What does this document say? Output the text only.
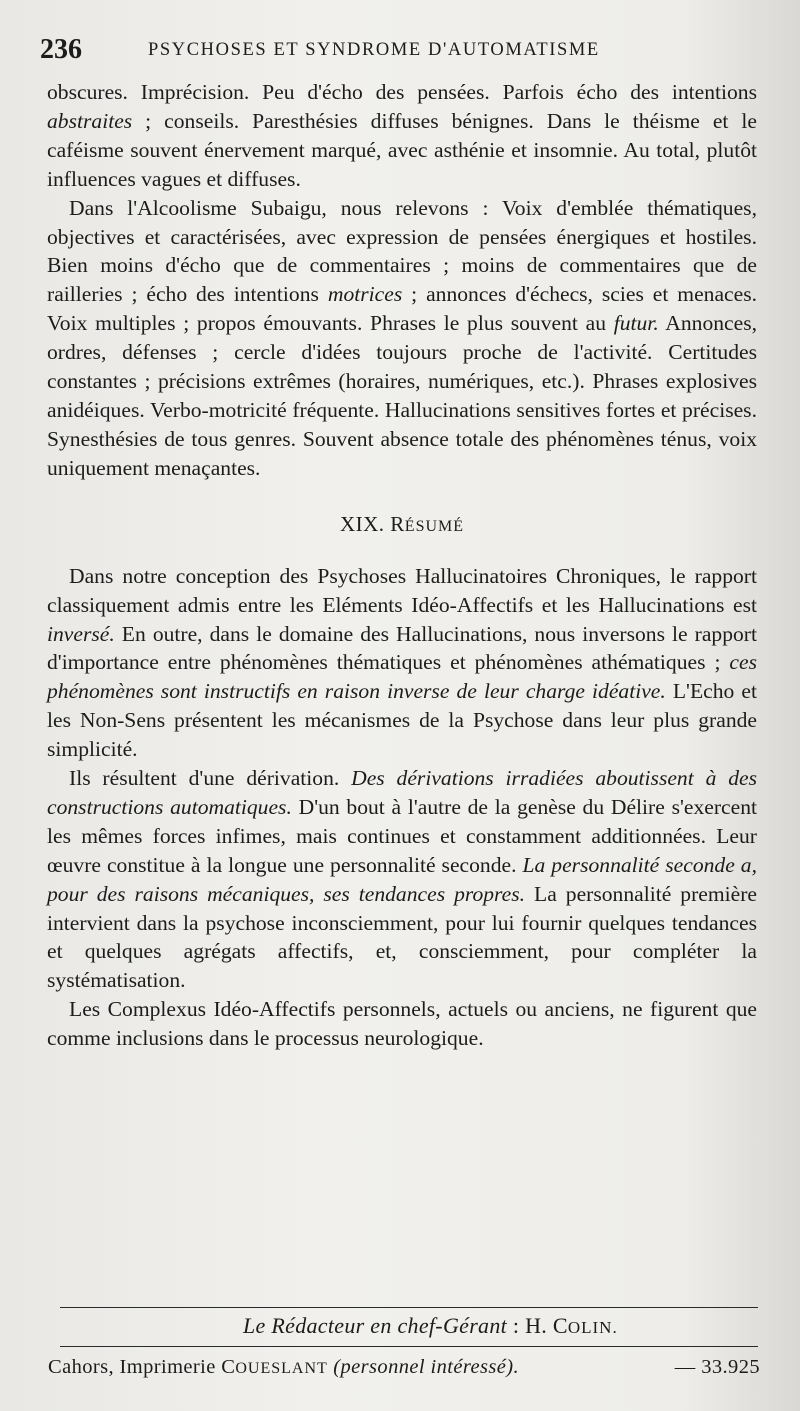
236	PSYCHOSES ET SYNDROME D'AUTOMATISME

obscures. Imprécision. Peu d'écho des pensées. Parfois écho des intentions abstraites ; conseils. Paresthésies diffuses bénignes. Dans le théisme et le caféisme souvent énervement marqué, avec asthénie et insomnie. Au total, plutôt influences vagues et diffuses.

Dans l'Alcoolisme Subaigu, nous relevons : Voix d'emblée thématiques, objectives et caractérisées, avec expression de pensées énergiques et hostiles. Bien moins d'écho que de commentaires ; moins de commentaires que de railleries ; écho des intentions motrices ; annonces d'échecs, scies et menaces. Voix multiples ; propos émouvants. Phrases le plus souvent au futur. Annonces, ordres, défenses ; cercle d'idées toujours proche de l'activité. Certitudes constantes ; précisions extrêmes (horaires, numériques, etc.). Phrases explosives anidéiques. Verbo-motricité fréquente. Hallucinations sensitives fortes et précises. Synesthésies de tous genres. Souvent absence totale des phénomènes ténus, voix uniquement menaçantes.

XIX. RÉSUMÉ

Dans notre conception des Psychoses Hallucinatoires Chroniques, le rapport classiquement admis entre les Eléments Idéo-Affectifs et les Hallucinations est inversé. En outre, dans le domaine des Hallucinations, nous inversons le rapport d'importance entre phénomènes thématiques et phénomènes athématiques ; ces phénomènes sont instructifs en raison inverse de leur charge idéative. L'Echo et les Non-Sens présentent les mécanismes de la Psychose dans leur plus grande simplicité.

Ils résultent d'une dérivation. Des dérivations irradiées aboutissent à des constructions automatiques. D'un bout à l'autre de la genèse du Délire s'exercent les mêmes forces infimes, mais continues et constamment additionnées. Leur œuvre constitue à la longue une personnalité seconde. La personnalité seconde a, pour des raisons mécaniques, ses tendances propres. La personnalité première intervient dans la psychose inconsciemment, pour lui fournir quelques tendances et quelques agrégats affectifs, et, consciemment, pour compléter la systématisation.

Les Complexus Idéo-Affectifs personnels, actuels ou anciens, ne figurent que comme inclusions dans le processus neurologique.

Le Rédacteur en chef-Gérant : H. COLIN.
Cahors, Imprimerie COUESLANT (personnel intéressé).	— 33.925
